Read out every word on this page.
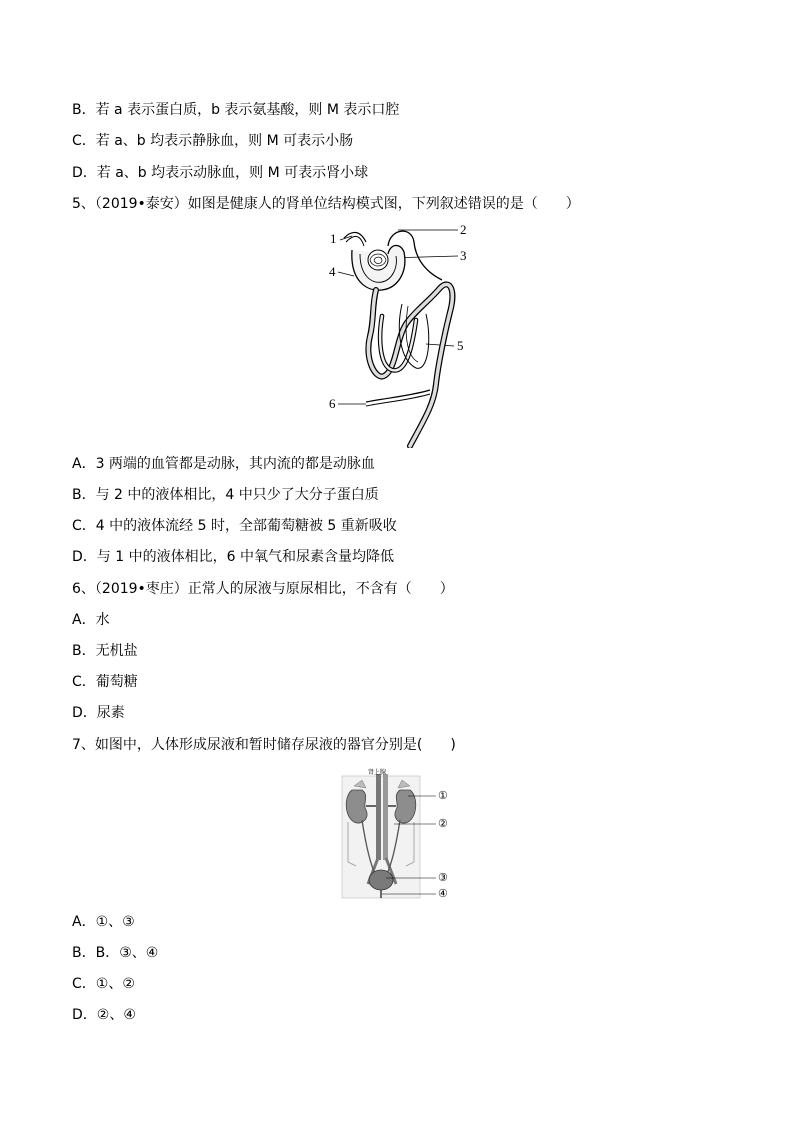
B．若 a 表示蛋白质，b 表示氨基酸，则 M 表示口腔
C．若 a、b 均表示静脉血，则 M 可表示小肠
D．若 a、b 均表示动脉血，则 M 可表示肾小球
5、（2019•泰安）如图是健康人的肾单位结构模式图，下列叙述错误的是（　　）
1
2
3
4
5
6
A．3 两端的血管都是动脉，其内流的都是动脉血
B．与 2 中的液体相比，4 中只少了大分子蛋白质
C．4 中的液体流经 5 时，全部葡萄糖被 5 重新吸收
D．与 1 中的液体相比，6 中氧气和尿素含量均降低
6、（2019•枣庄）正常人的尿液与原尿相比，不含有（　　）
A．水
B．无机盐
C．葡萄糖
D．尿素
7、如图中，人体形成尿液和暂时储存尿液的器官分别是(　　)
肾上腺
①
②
③
④
A．①、③
B．B．③、④
C．①、②
D．②、④
